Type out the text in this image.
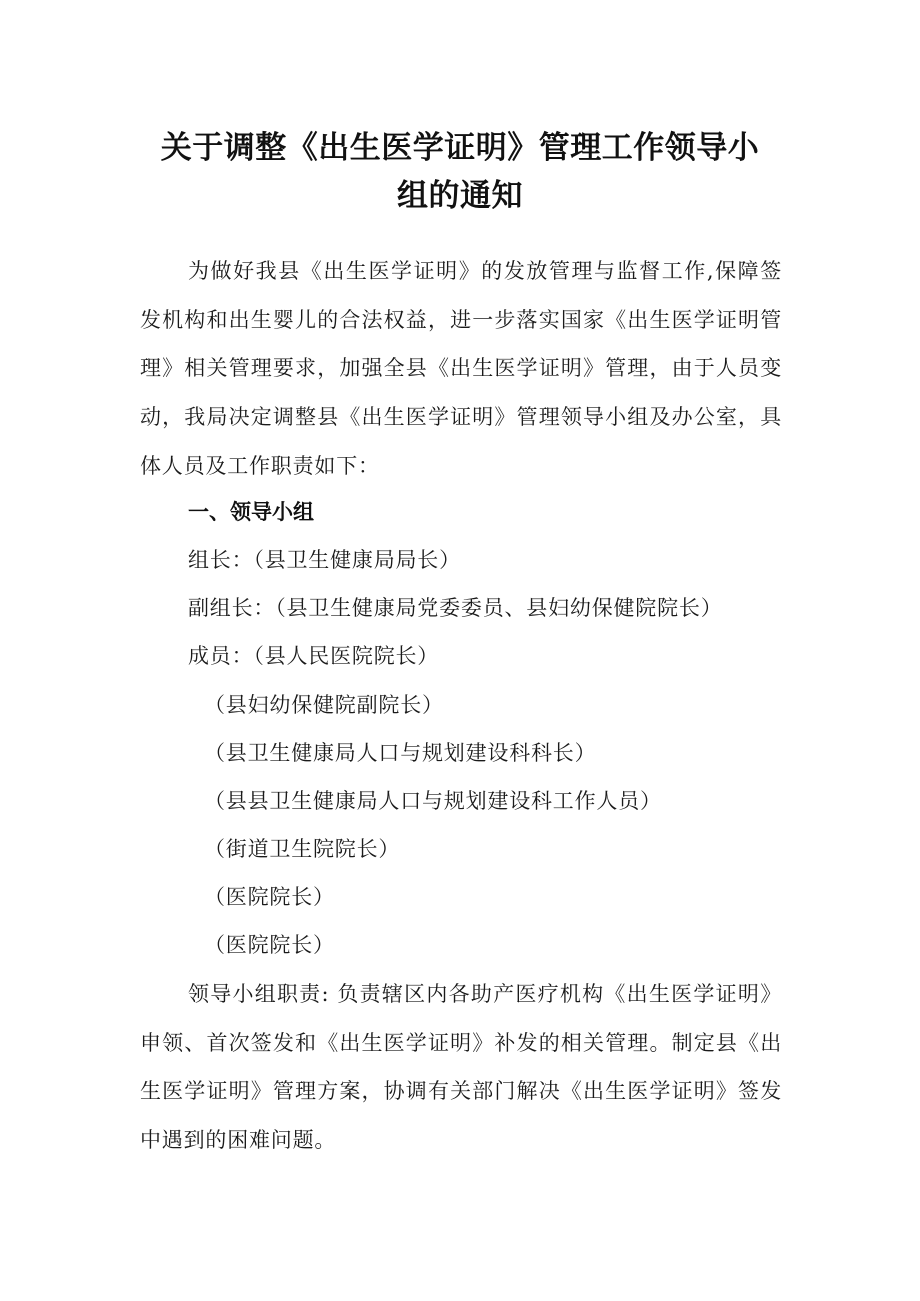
关于调整《出生医学证明》管理工作领导小
组的通知

为做好我县《出生医学证明》的发放管理与监督工作,保障签发机构和出生婴儿的合法权益，进一步落实国家《出生医学证明管理》相关管理要求，加强全县《出生医学证明》管理，由于人员变动，我局决定调整县《出生医学证明》管理领导小组及办公室，具体人员及工作职责如下：

一、领导小组

组长：（县卫生健康局局长）

副组长：（县卫生健康局党委委员、县妇幼保健院院长）

成员：（县人民医院院长）

（县妇幼保健院副院长）

（县卫生健康局人口与规划建设科科长）

（县县卫生健康局人口与规划建设科工作人员）

（街道卫生院院长）

（医院院长）

（医院院长）

领导小组职责: 负责辖区内各助产医疗机构《出生医学证明》申领、首次签发和《出生医学证明》补发的相关管理。制定县《出生医学证明》管理方案，协调有关部门解决《出生医学证明》签发中遇到的困难问题。
